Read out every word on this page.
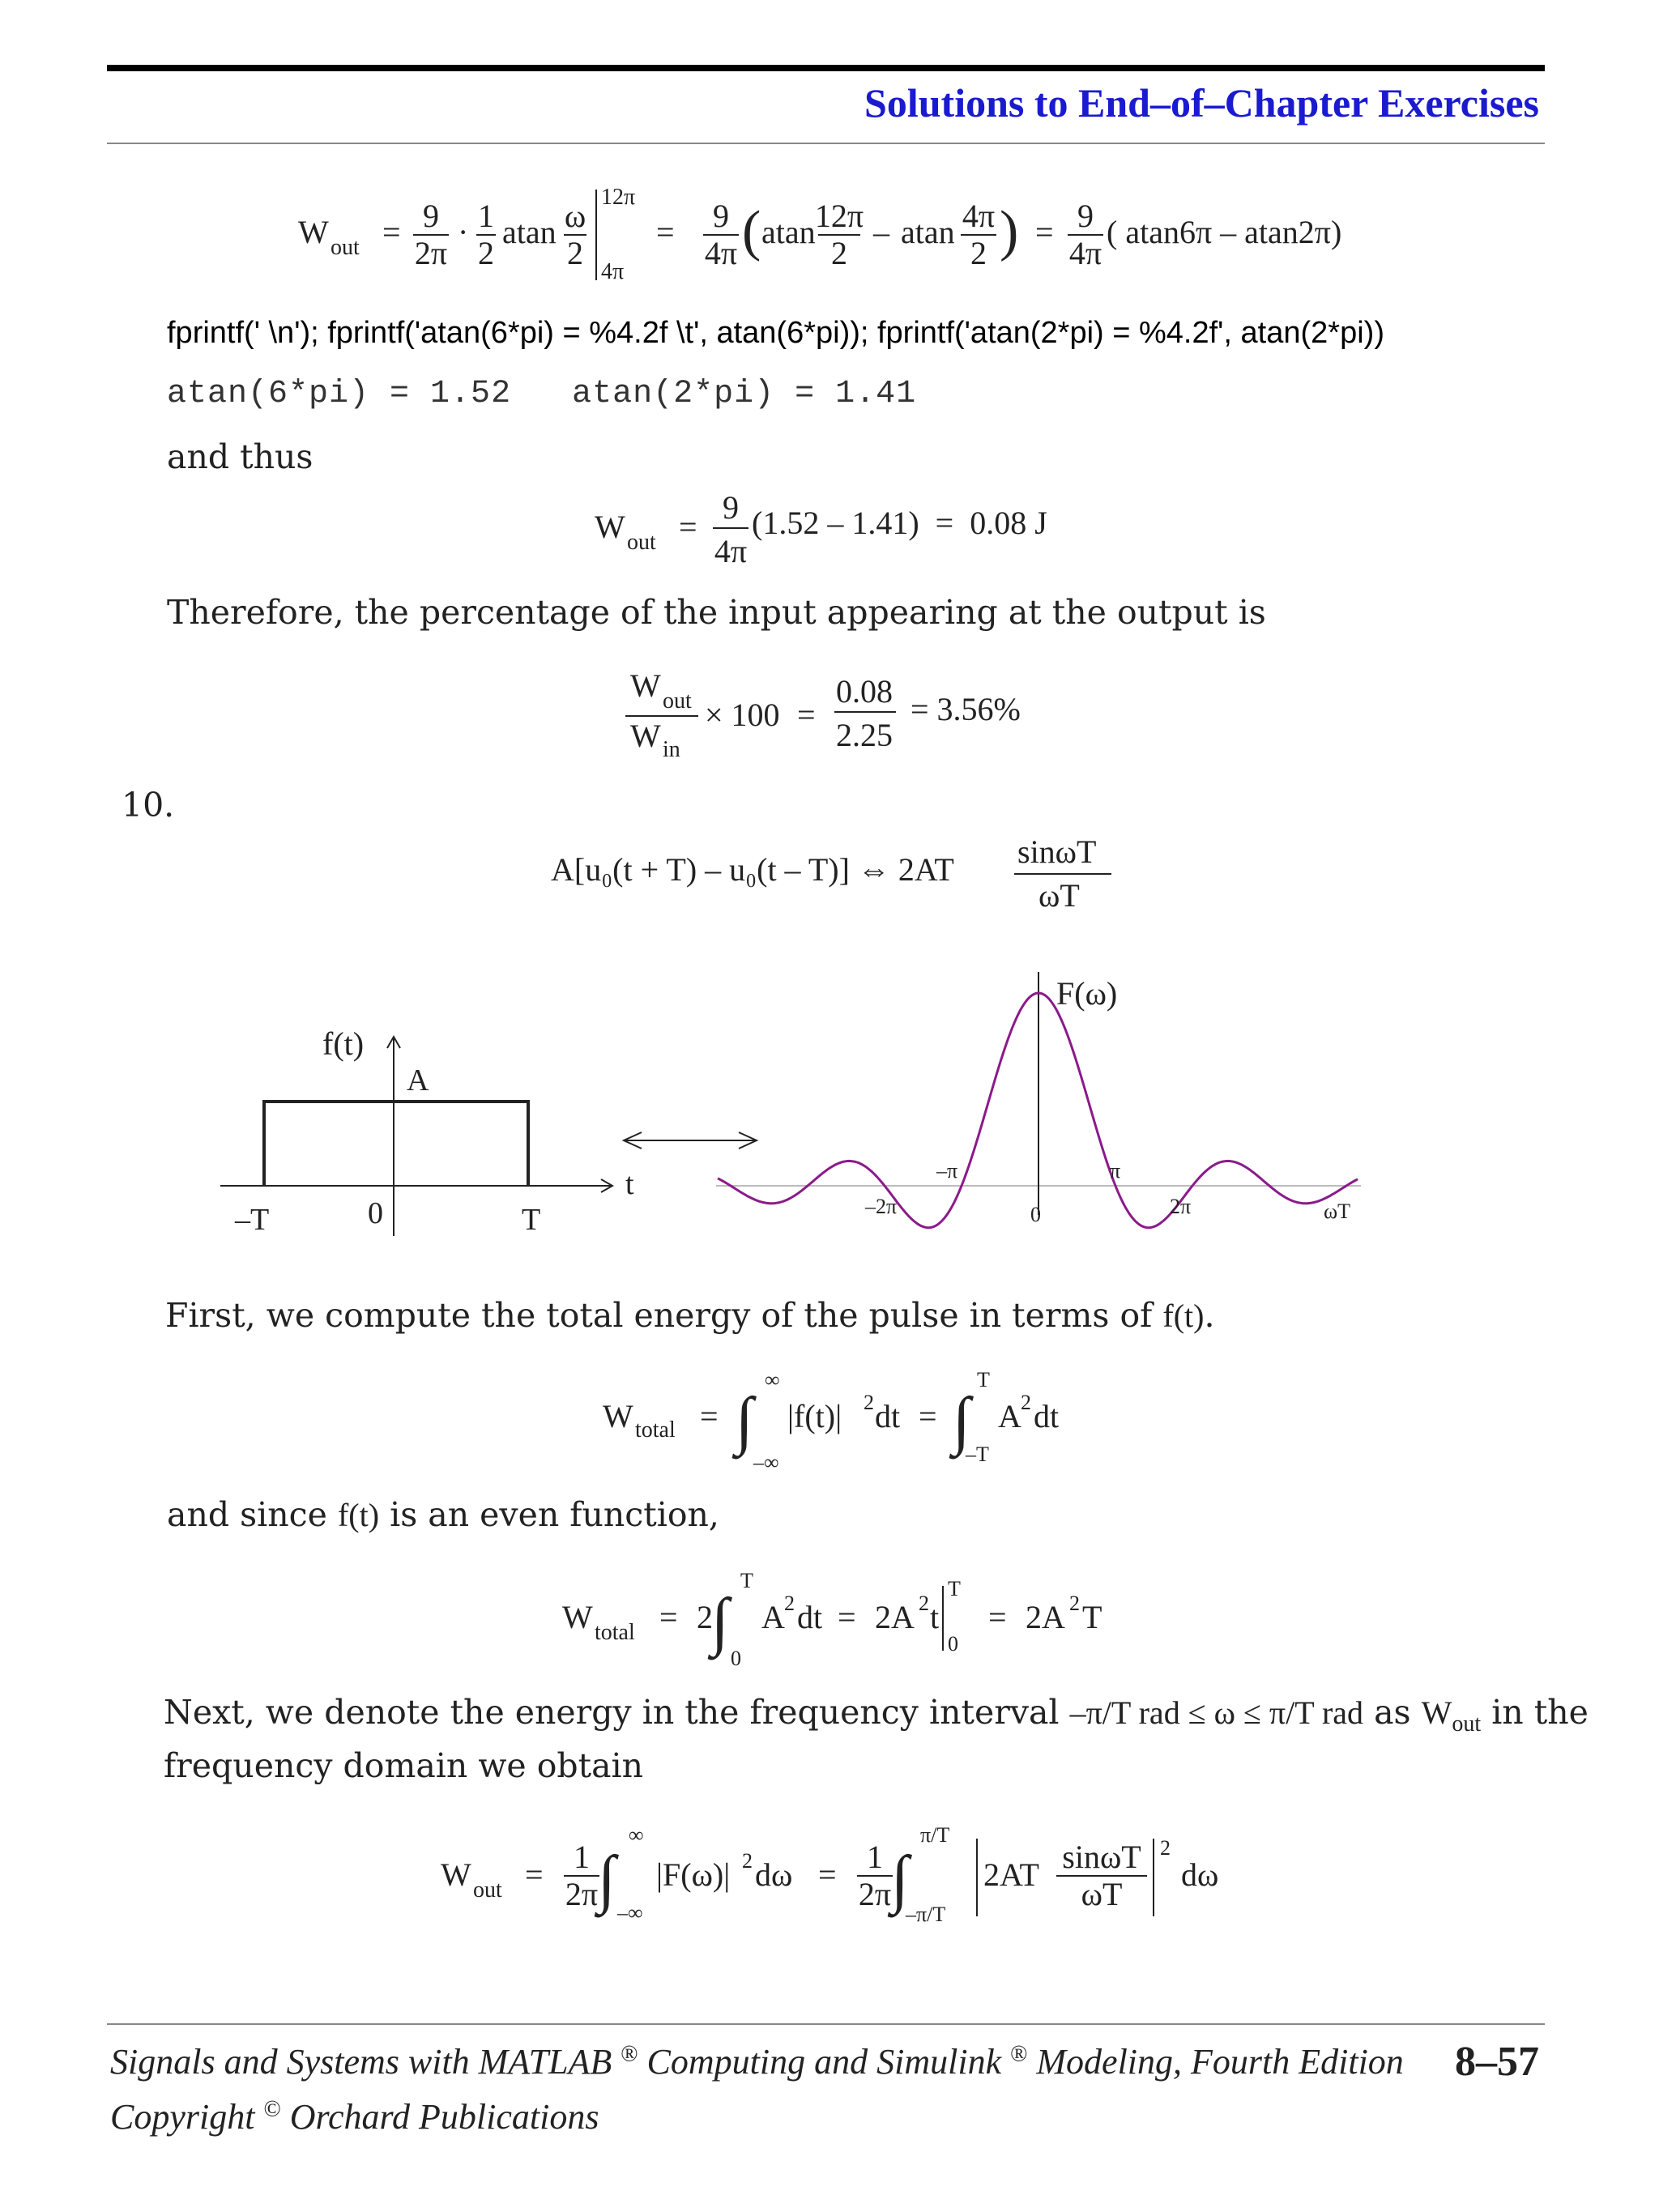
Solutions to End–of–Chapter Exercises
W out = 9
2π
· 1
2
atan ω
2
12π
4π
= 9
4π ( atan 12π
2
– atan 4π
2 ) = 9
4π
( atan6π – atan2π)
fprintf(' \n'); fprintf('atan(6*pi) = %4.2f \t', atan(6*pi)); fprintf('atan(2*pi) = %4.2f', atan(2*pi))
atan(6*pi) = 1.52   atan(2*pi) = 1.41
and thus
W out =
9
4π
(1.52 – 1.41)  =  0.08 J
Therefore, the percentage of the input appearing at the output is
W out
W in
× 100 =
0.08
2.25
= 3.56%
10.
A[u₀(t + T) – u₀(t – T)] ⇔ 2AT sinωT
ωT
f(t)
A
–T	0	T
t
F(ω)
–2π
–π
0
π
2π	ωT
First, we compute the total energy of the pulse in terms of f(t).
W total = ∫
∞
–∞
|f(t)| 2 dt = ∫
T
–T
A 2 dt
and since f(t) is an even function,
W total = 2
∫
T
0
A 2 dt = 2A 2 t
T
0
= 2A 2 T
Next, we denote the energy in the frequency interval –π/T rad ≤ ω ≤ π/T rad as $W_{out}$ in the
frequency domain we obtain
W out = 1
2π ∫
∞
–∞
|F(ω)| 2 dω = 1
2π ∫
π/T
–π/T
2AT sinωT
ωT
2
dω
Signals and Systems with MATLAB ® Computing and Simulink ® Modeling, Fourth Edition 8–57
Copyright © Orchard Publications
